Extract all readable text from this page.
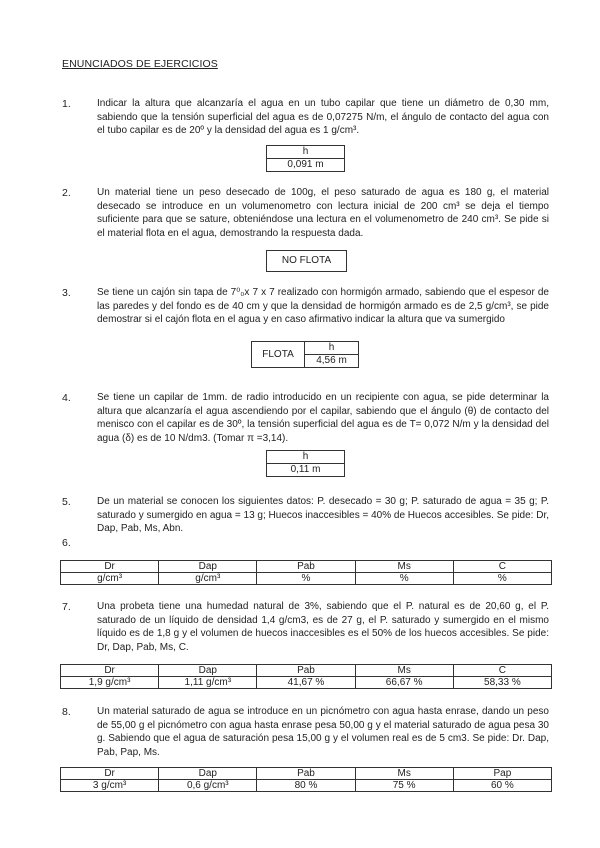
ENUNCIADOS DE EJERCICIOS
1.	Indicar la altura que alcanzaría el agua en un tubo capilar que tiene un diámetro de 0,30 mm, sabiendo que la tensión superficial del agua es de 0,07275 N/m, el ángulo de contacto del agua con el tubo capilar es de 20º y la densidad del agua es 1 g/cm³.
h
0,091 m
2.	Un material tiene un peso desecado de 100g, el peso saturado de agua es 180 g, el material desecado se introduce en un volumenometro con lectura inicial de 200 cm³ se deja el tiempo suficiente para que se sature, obteniéndose una lectura en el volumenometro de 240 cm³. Se pide si el material flota en el agua, demostrando la respuesta dada.
NO FLOTA
3.	Se tiene un cajón sin tapa de 7⁰₀x 7 x 7 realizado con hormigón armado, sabiendo que el espesor de las paredes y del fondo es de 40 cm y que la densidad de hormigón armado es de 2,5 g/cm³, se pide demostrar si el cajón flota en el agua y en caso afirmativo indicar la altura que va sumergido
FLOTA	h
4,56 m
4.	Se tiene un capilar de 1mm. de radio introducido en un recipiente con agua, se pide determinar la altura que alcanzaría el agua ascendiendo por el capilar, sabiendo que el ángulo (θ) de contacto del menisco con el capilar es de 30º, la tensión superficial del agua es de T= 0,072 N/m y la densidad del agua (δ) es de 10 N/dm3. (Tomar π =3,14).
h
0,11 m
5.	De un material se conocen los siguientes datos: P. desecado = 30 g; P. saturado de agua = 35 g; P. saturado y sumergido en agua = 13 g; Huecos inaccesibles = 40% de Huecos accesibles. Se pide: Dr, Dap, Pab, Ms, Abn.
6.
Dr	Dap	Pab	Ms	C
g/cm³	g/cm³	%	%	%
7.	Una probeta tiene una humedad natural de 3%, sabiendo que el P. natural es de 20,60 g, el P. saturado de un líquido de densidad 1,4 g/cm3, es de 27 g, el P. saturado y sumergido en el mismo líquido es de 1,8 g y el volumen de huecos inaccesibles es el 50% de los huecos accesibles. Se pide: Dr, Dap, Pab, Ms, C.
Dr	Dap	Pab	Ms	C
1,9 g/cm³	1,11 g/cm³	41,67 %	66,67 %	58,33 %
8.	Un material saturado de agua se introduce en un picnómetro con agua hasta enrase, dando un peso de 55,00 g el picnómetro con agua hasta enrase pesa 50,00 g y el material saturado de agua pesa 30 g. Sabiendo que el agua de saturación pesa 15,00 g y el volumen real es de 5 cm3. Se pide: Dr. Dap, Pab, Pap, Ms.
Dr	Dap	Pab	Ms	Pap
3 g/cm³	0,6 g/cm³	80 %	75 %	60 %
